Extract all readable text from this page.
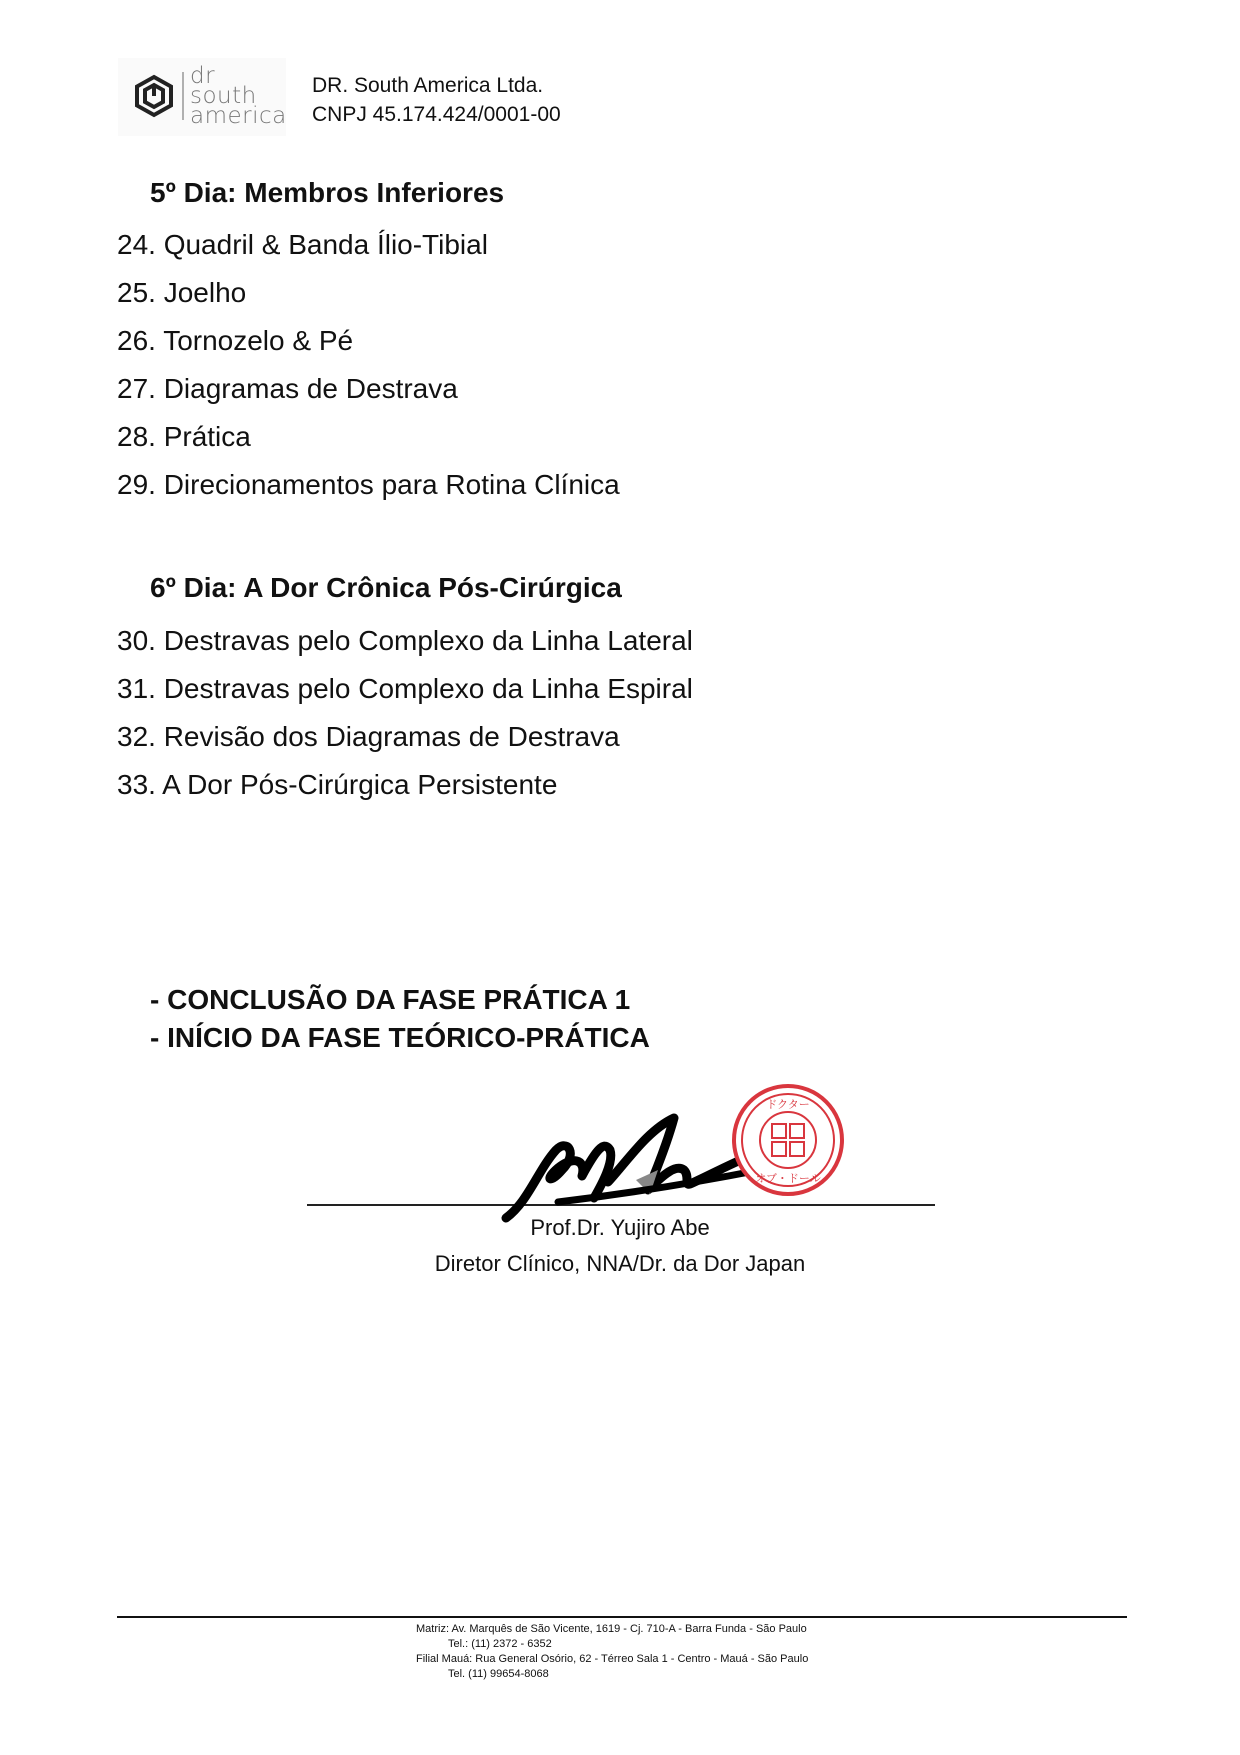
dr
south
america
DR. South America Ltda.
CNPJ 45.174.424/0001-00
5º Dia: Membros Inferiores
24. Quadril & Banda Ílio-Tibial
25. Joelho
26. Tornozelo & Pé
27. Diagramas de Destrava
28. Prática
29. Direcionamentos para Rotina Clínica
6º Dia: A Dor Crônica Pós-Cirúrgica
30. Destravas pelo Complexo da Linha Lateral
31. Destravas pelo Complexo da Linha Espiral
32. Revisão dos Diagramas de Destrava
33. A Dor Pós-Cirúrgica Persistente
- CONCLUSÃO DA FASE PRÁTICA 1
- INÍCIO DA FASE TEÓRICO-PRÁTICA
ドクター
オブ・ドール
Prof.Dr. Yujiro Abe
Diretor Clínico, NNA/Dr. da Dor Japan
Matriz: Av. Marquês de São Vicente, 1619 - Cj. 710-A - Barra Funda - São Paulo
Tel.: (11) 2372 - 6352
Filial Mauá: Rua General Osório, 62 - Térreo Sala 1 - Centro - Mauá - São Paulo
Tel. (11) 99654-8068
